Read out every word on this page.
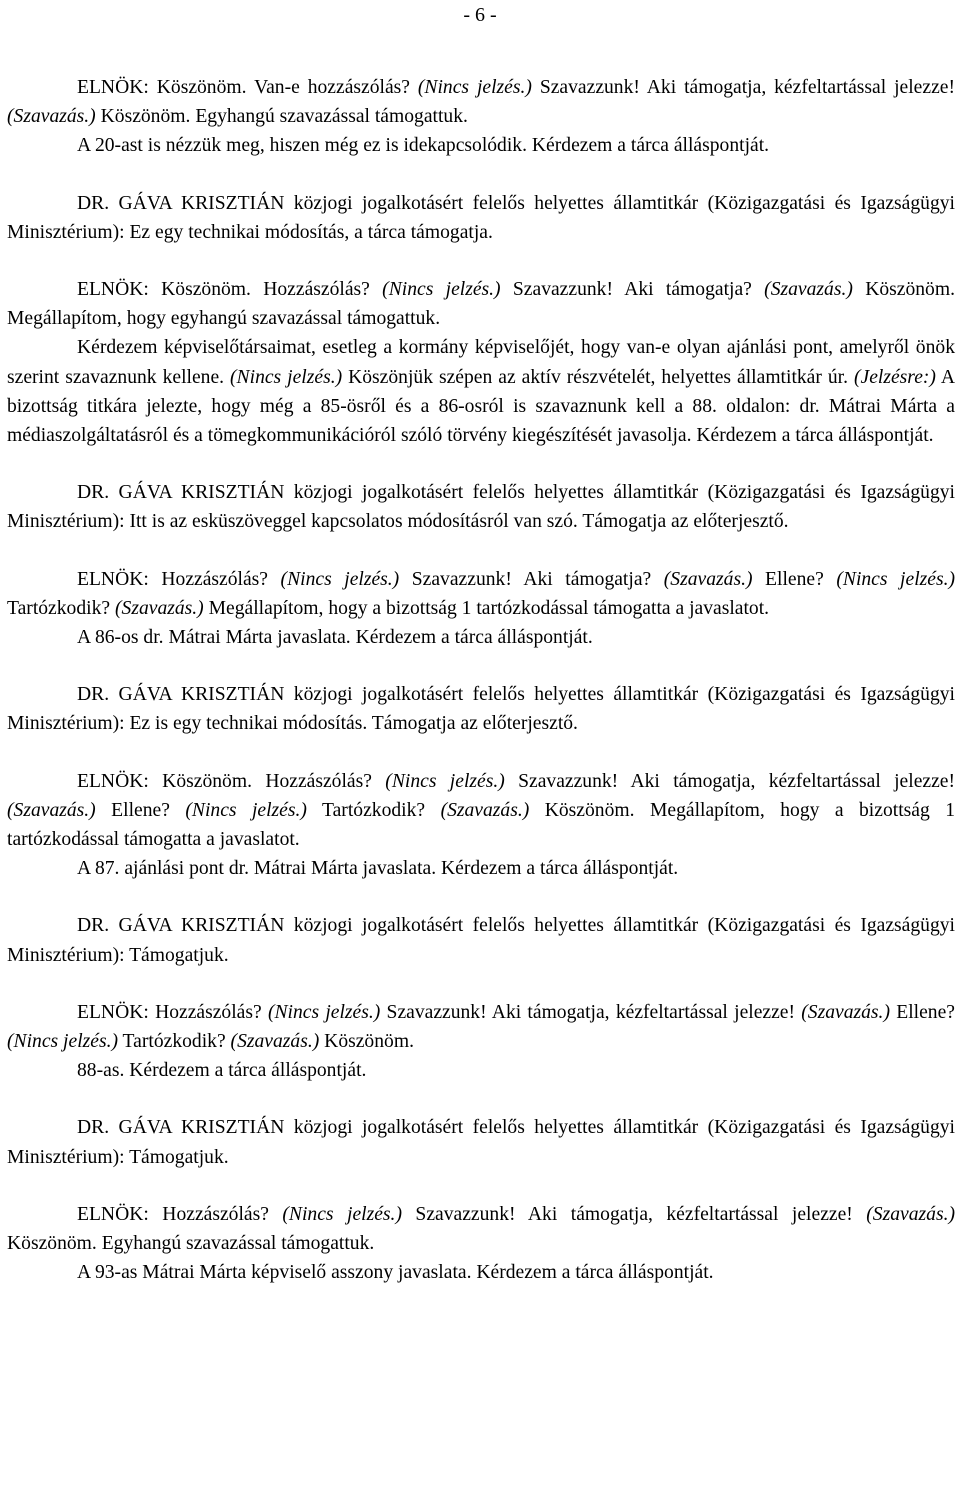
- 6 -

ELNÖK: Köszönöm. Van-e hozzászólás? (Nincs jelzés.) Szavazzunk! Aki támogatja, kézfeltartással jelezze! (Szavazás.) Köszönöm. Egyhangú szavazással támogattuk.

A 20-ast is nézzük meg, hiszen még ez is idekapcsolódik. Kérdezem a tárca álláspontját.

DR. GÁVA KRISZTIÁN közjogi jogalkotásért felelős helyettes államtitkár (Közigazgatási és Igazságügyi Minisztérium): Ez egy technikai módosítás, a tárca támogatja.

ELNÖK: Köszönöm. Hozzászólás? (Nincs jelzés.) Szavazzunk! Aki támogatja? (Szavazás.) Köszönöm. Megállapítom, hogy egyhangú szavazással támogattuk.

Kérdezem képviselőtársaimat, esetleg a kormány képviselőjét, hogy van-e olyan ajánlási pont, amelyről önök szerint szavaznunk kellene. (Nincs jelzés.) Köszönjük szépen az aktív részvételét, helyettes államtitkár úr. (Jelzésre:) A bizottság titkára jelezte, hogy még a 85-ösről és a 86-osról is szavaznunk kell a 88. oldalon: dr. Mátrai Márta a médiaszolgáltatásról és a tömegkommunikációról szóló törvény kiegészítését javasolja. Kérdezem a tárca álláspontját.

DR. GÁVA KRISZTIÁN közjogi jogalkotásért felelős helyettes államtitkár (Közigazgatási és Igazságügyi Minisztérium): Itt is az esküszöveggel kapcsolatos módosításról van szó. Támogatja az előterjesztő.

ELNÖK: Hozzászólás? (Nincs jelzés.) Szavazzunk! Aki támogatja? (Szavazás.) Ellene? (Nincs jelzés.) Tartózkodik? (Szavazás.) Megállapítom, hogy a bizottság 1 tartózkodással támogatta a javaslatot.

A 86-os dr. Mátrai Márta javaslata. Kérdezem a tárca álláspontját.

DR. GÁVA KRISZTIÁN közjogi jogalkotásért felelős helyettes államtitkár (Közigazgatási és Igazságügyi Minisztérium): Ez is egy technikai módosítás. Támogatja az előterjesztő.

ELNÖK: Köszönöm. Hozzászólás? (Nincs jelzés.) Szavazzunk! Aki támogatja, kézfeltartással jelezze! (Szavazás.) Ellene? (Nincs jelzés.) Tartózkodik? (Szavazás.) Köszönöm. Megállapítom, hogy a bizottság 1 tartózkodással támogatta a javaslatot.

A 87. ajánlási pont dr. Mátrai Márta javaslata. Kérdezem a tárca álláspontját.

DR. GÁVA KRISZTIÁN közjogi jogalkotásért felelős helyettes államtitkár (Közigazgatási és Igazságügyi Minisztérium): Támogatjuk.

ELNÖK: Hozzászólás? (Nincs jelzés.) Szavazzunk! Aki támogatja, kézfeltartással jelezze! (Szavazás.) Ellene? (Nincs jelzés.) Tartózkodik? (Szavazás.) Köszönöm.

88-as. Kérdezem a tárca álláspontját.

DR. GÁVA KRISZTIÁN közjogi jogalkotásért felelős helyettes államtitkár (Közigazgatási és Igazságügyi Minisztérium): Támogatjuk.

ELNÖK: Hozzászólás? (Nincs jelzés.) Szavazzunk! Aki támogatja, kézfeltartással jelezze! (Szavazás.) Köszönöm. Egyhangú szavazással támogattuk.

A 93-as Mátrai Márta képviselő asszony javaslata. Kérdezem a tárca álláspontját.
